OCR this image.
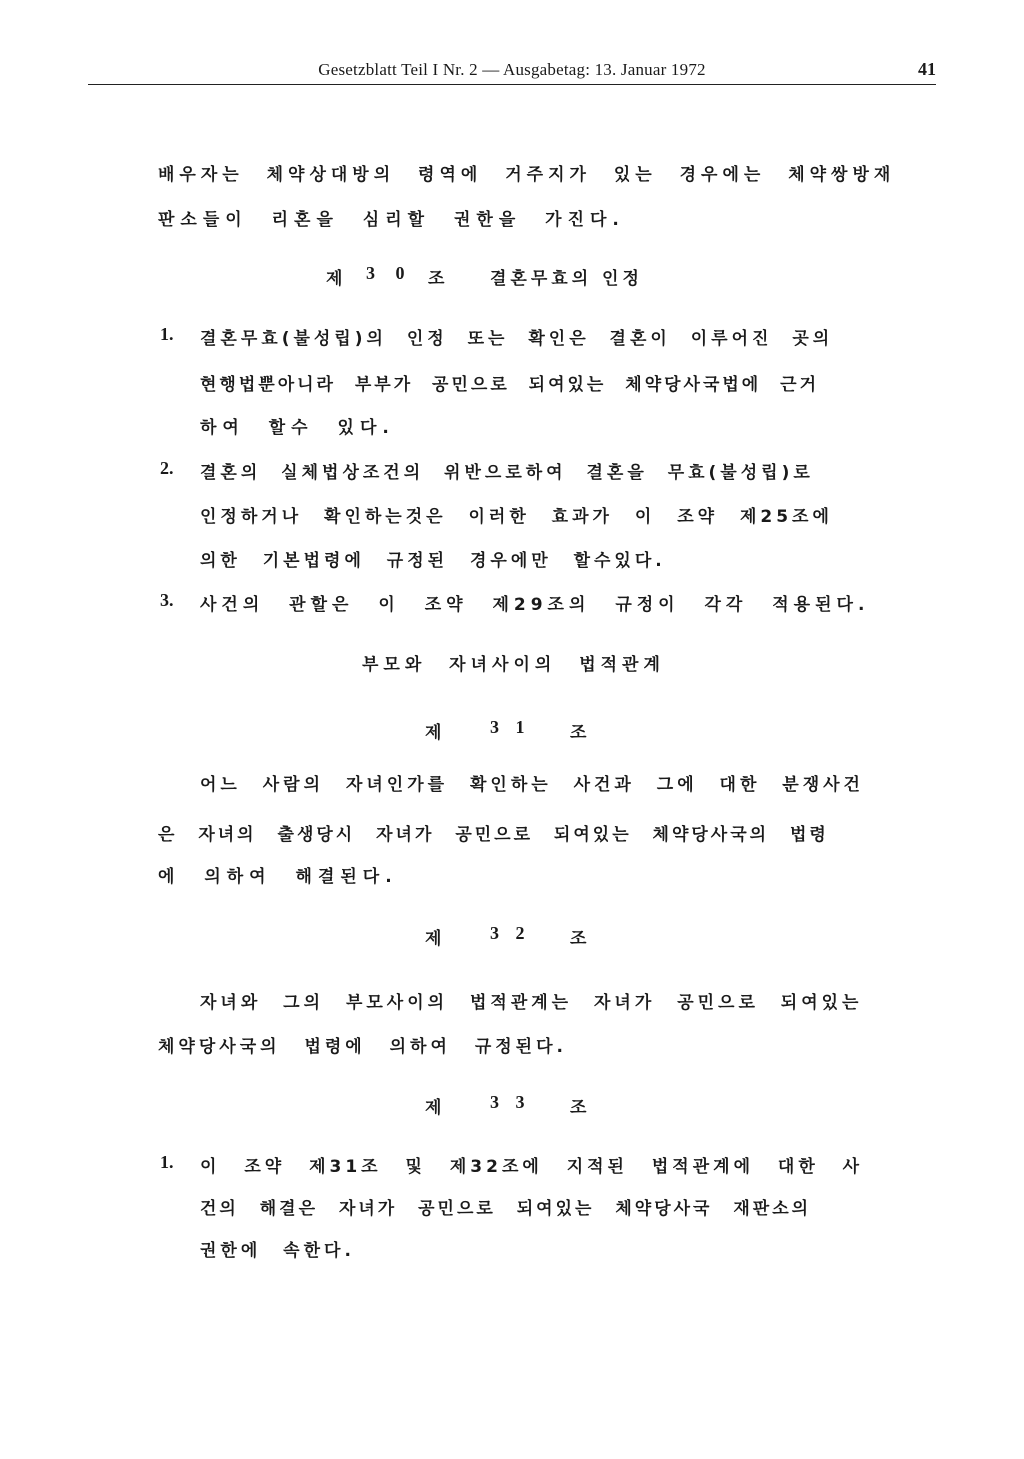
Gesetzblatt Teil I Nr. 2 — Ausgabetag: 13. Januar 1972	41
배우자는 체약상대방의 령역에 거주지가 있는 경우에는 체약쌍방재
판소들이 리혼을 심리할 권한을 가진다.
제 3 0 조	결혼무효의 인정
1. 결혼무효(불성립)의 인정 또는 확인은 결혼이 이루어진 곳의
현행법뿐아니라 부부가 공민으로 되여있는 체약당사국법에 근거
하여 할수 있다.
2. 결혼의 실체법상조건의 위반으로하여 결혼을 무효(불성립)로
인정하거나 확인하는것은 이러한 효과가 이 조약 제25조에
의한 기본법령에 규정된 경우에만 할수있다.
3. 사건의 관할은 이 조약 제29조의 규정이 각각 적용된다.
부모와 자녀사이의 법적관계
제	3 1 조
어느 사람의 자녀인가를 확인하는 사건과 그에 대한 분쟁사건
은 자녀의 출생당시 자녀가 공민으로 되여있는 체약당사국의 법령
에 의하여 해결된다.
제	3 2 조
자녀와 그의 부모사이의 법적관계는 자녀가 공민으로 되여있는
체약당사국의 법령에 의하여 규정된다.
제	3 3 조
1. 이 조약 제31조 및 제32조에 지적된 법적관계에 대한 사
건의 해결은 자녀가 공민으로 되여있는 체약당사국 재판소의
권한에 속한다.
